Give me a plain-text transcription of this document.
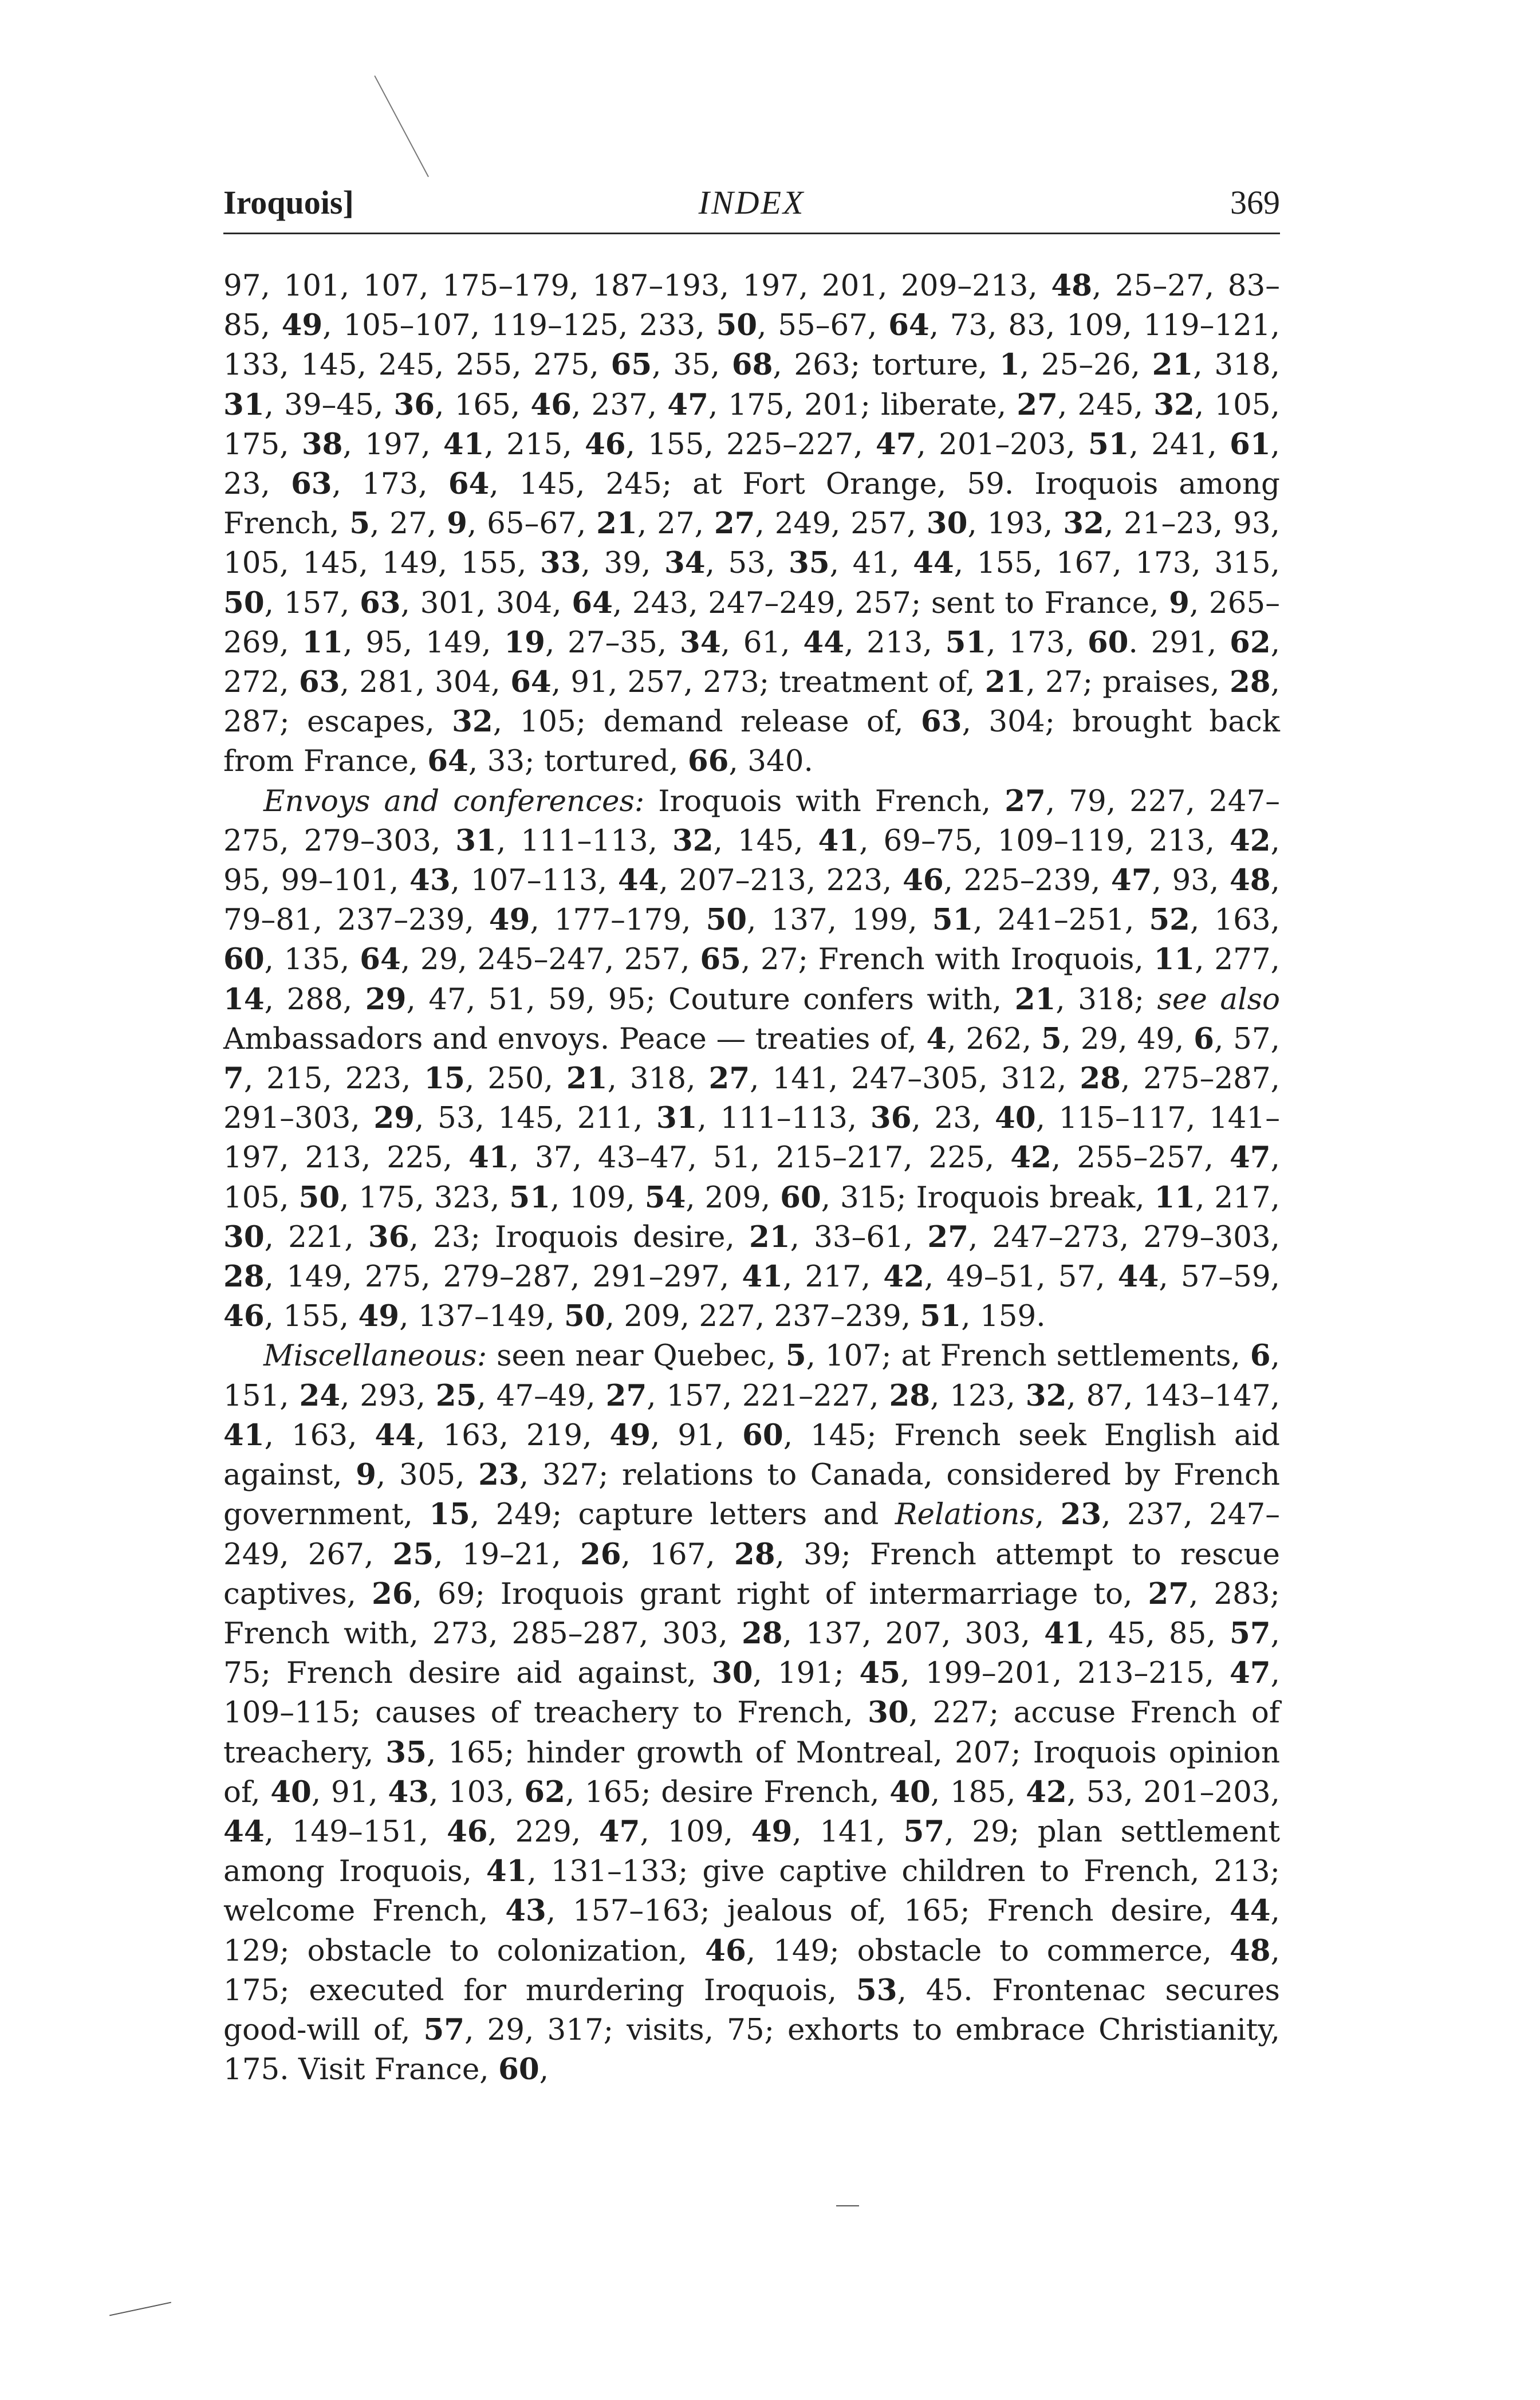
Iroquois]	INDEX	369

97, 101, 107, 175–179, 187–193, 197, 201, 209–213, 48, 25–27, 83–85, 49, 105–107, 119–125, 233, 50, 55–67, 64, 73, 83, 109, 119–121, 133, 145, 245, 255, 275, 65, 35, 68, 263; torture, 1, 25–26, 21, 318, 31, 39–45, 36, 165, 46, 237, 47, 175, 201; liberate, 27, 245, 32, 105, 175, 38, 197, 41, 215, 46, 155, 225–227, 47, 201–203, 51, 241, 61, 23, 63, 173, 64, 145, 245; at Fort Orange, 59. Iroquois among French, 5, 27, 9, 65–67, 21, 27, 27, 249, 257, 30, 193, 32, 21–23, 93, 105, 145, 149, 155, 33, 39, 34, 53, 35, 41, 44, 155, 167, 173, 315, 50, 157, 63, 301, 304, 64, 243, 247–249, 257; sent to France, 9, 265–269, 11, 95, 149, 19, 27–35, 34, 61, 44, 213, 51, 173, 60. 291, 62, 272, 63, 281, 304, 64, 91, 257, 273; treatment of, 21, 27; praises, 28, 287; escapes, 32, 105; demand release of, 63, 304; brought back from France, 64, 33; tortured, 66, 340.

Envoys and conferences: Iroquois with French, 27, 79, 227, 247–275, 279–303, 31, 111–113, 32, 145, 41, 69–75, 109–119, 213, 42, 95, 99–101, 43, 107–113, 44, 207–213, 223, 46, 225–239, 47, 93, 48, 79–81, 237–239, 49, 177–179, 50, 137, 199, 51, 241–251, 52, 163, 60, 135, 64, 29, 245–247, 257, 65, 27; French with Iroquois, 11, 277, 14, 288, 29, 47, 51, 59, 95; Couture confers with, 21, 318; see also Ambassadors and envoys. Peace — treaties of, 4, 262, 5, 29, 49, 6, 57, 7, 215, 223, 15, 250, 21, 318, 27, 141, 247–305, 312, 28, 275–287, 291–303, 29, 53, 145, 211, 31, 111–113, 36, 23, 40, 115–117, 141–197, 213, 225, 41, 37, 43–47, 51, 215–217, 225, 42, 255–257, 47, 105, 50, 175, 323, 51, 109, 54, 209, 60, 315; Iroquois break, 11, 217, 30, 221, 36, 23; Iroquois desire, 21, 33–61, 27, 247–273, 279–303, 28, 149, 275, 279–287, 291–297, 41, 217, 42, 49–51, 57, 44, 57–59, 46, 155, 49, 137–149, 50, 209, 227, 237–239, 51, 159.

Miscellaneous: seen near Quebec, 5, 107; at French settlements, 6, 151, 24, 293, 25, 47–49, 27, 157, 221–227, 28, 123, 32, 87, 143–147, 41, 163, 44, 163, 219, 49, 91, 60, 145; French seek English aid against, 9, 305, 23, 327; relations to Canada, considered by French government, 15, 249; capture letters and Relations, 23, 237, 247–249, 267, 25, 19–21, 26, 167, 28, 39; French attempt to rescue captives, 26, 69; Iroquois grant right of intermarriage to, 27, 283; French with, 273, 285–287, 303, 28, 137, 207, 303, 41, 45, 85, 57, 75; French desire aid against, 30, 191; 45, 199–201, 213–215, 47, 109–115; causes of treachery to French, 30, 227; accuse French of treachery, 35, 165; hinder growth of Montreal, 207; Iroquois opinion of, 40, 91, 43, 103, 62, 165; desire French, 40, 185, 42, 53, 201–203, 44, 149–151, 46, 229, 47, 109, 49, 141, 57, 29; plan settlement among Iroquois, 41, 131–133; give captive children to French, 213; welcome French, 43, 157–163; jealous of, 165; French desire, 44, 129; obstacle to colonization, 46, 149; obstacle to commerce, 48, 175; executed for murdering Iroquois, 53, 45. Frontenac secures good-will of, 57, 29, 317; visits, 75; exhorts to embrace Christianity, 175. Visit France, 60,
